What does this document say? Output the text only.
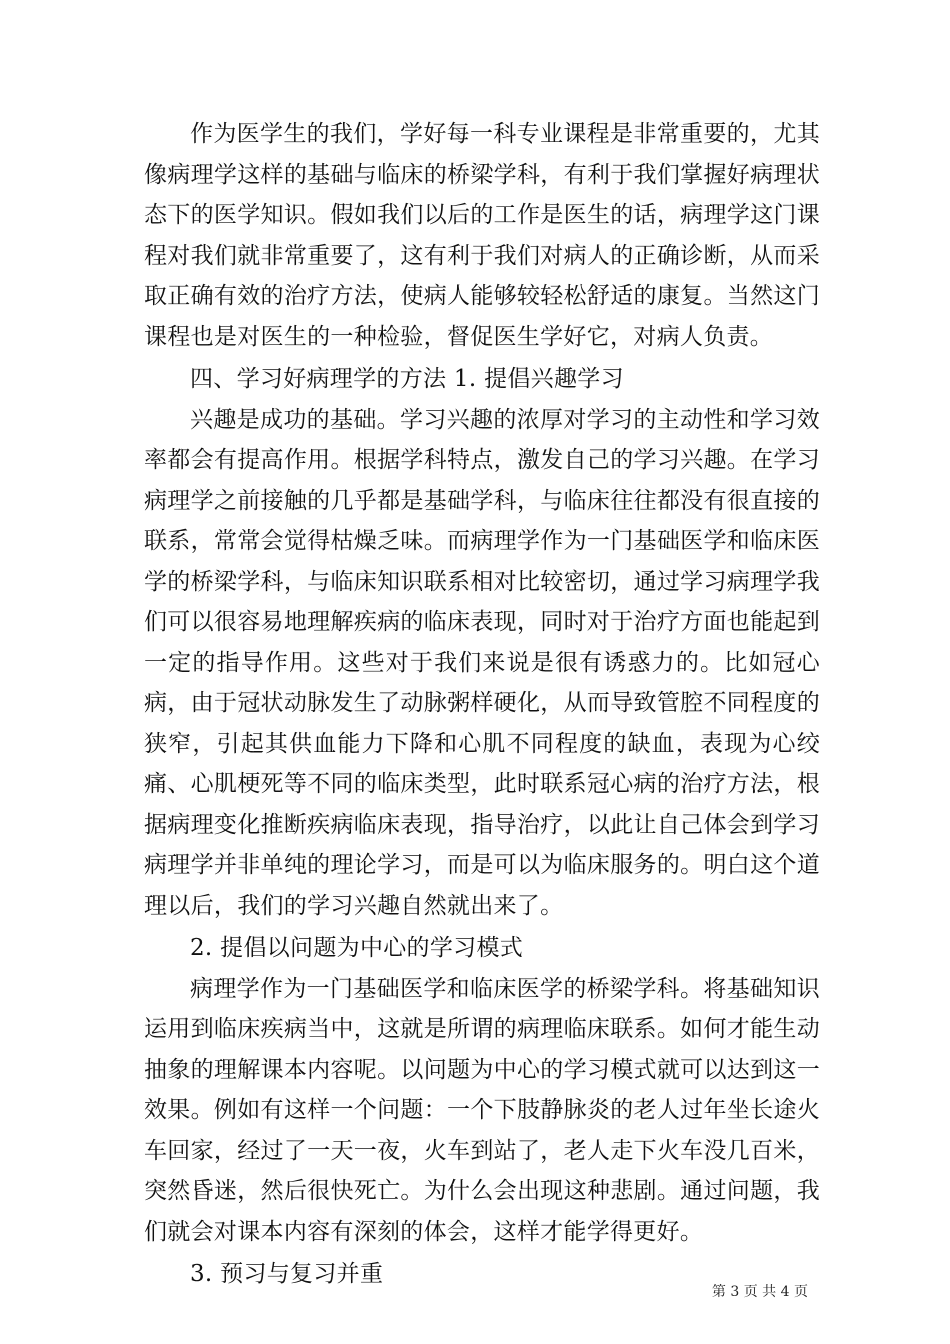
作为医学生的我们，学好每一科专业课程是非常重要的，尤其像病理学这样的基础与临床的桥梁学科，有利于我们掌握好病理状态下的医学知识。假如我们以后的工作是医生的话，病理学这门课程对我们就非常重要了，这有利于我们对病人的正确诊断，从而采取正确有效的治疗方法，使病人能够较轻松舒适的康复。当然这门课程也是对医生的一种检验，督促医生学好它，对病人负责。

四、学习好病理学的方法 1. 提倡兴趣学习

兴趣是成功的基础。学习兴趣的浓厚对学习的主动性和学习效率都会有提高作用。根据学科特点，激发自己的学习兴趣。在学习病理学之前接触的几乎都是基础学科，与临床往往都没有很直接的联系，常常会觉得枯燥乏味。而病理学作为一门基础医学和临床医学的桥梁学科，与临床知识联系相对比较密切，通过学习病理学我们可以很容易地理解疾病的临床表现，同时对于治疗方面也能起到一定的指导作用。这些对于我们来说是很有诱惑力的。比如冠心病，由于冠状动脉发生了动脉粥样硬化，从而导致管腔不同程度的狭窄，引起其供血能力下降和心肌不同程度的缺血，表现为心绞痛、心肌梗死等不同的临床类型，此时联系冠心病的治疗方法，根据病理变化推断疾病临床表现，指导治疗，以此让自己体会到学习病理学并非单纯的理论学习，而是可以为临床服务的。明白这个道理以后，我们的学习兴趣自然就出来了。

2. 提倡以问题为中心的学习模式

病理学作为一门基础医学和临床医学的桥梁学科。将基础知识运用到临床疾病当中，这就是所谓的病理临床联系。如何才能生动抽象的理解课本内容呢。以问题为中心的学习模式就可以达到这一效果。例如有这样一个问题：一个下肢静脉炎的老人过年坐长途火车回家，经过了一天一夜，火车到站了，老人走下火车没几百米，突然昏迷，然后很快死亡。为什么会出现这种悲剧。通过问题，我们就会对课本内容有深刻的体会，这样才能学得更好。

3. 预习与复习并重

第 3 页 共 4 页
